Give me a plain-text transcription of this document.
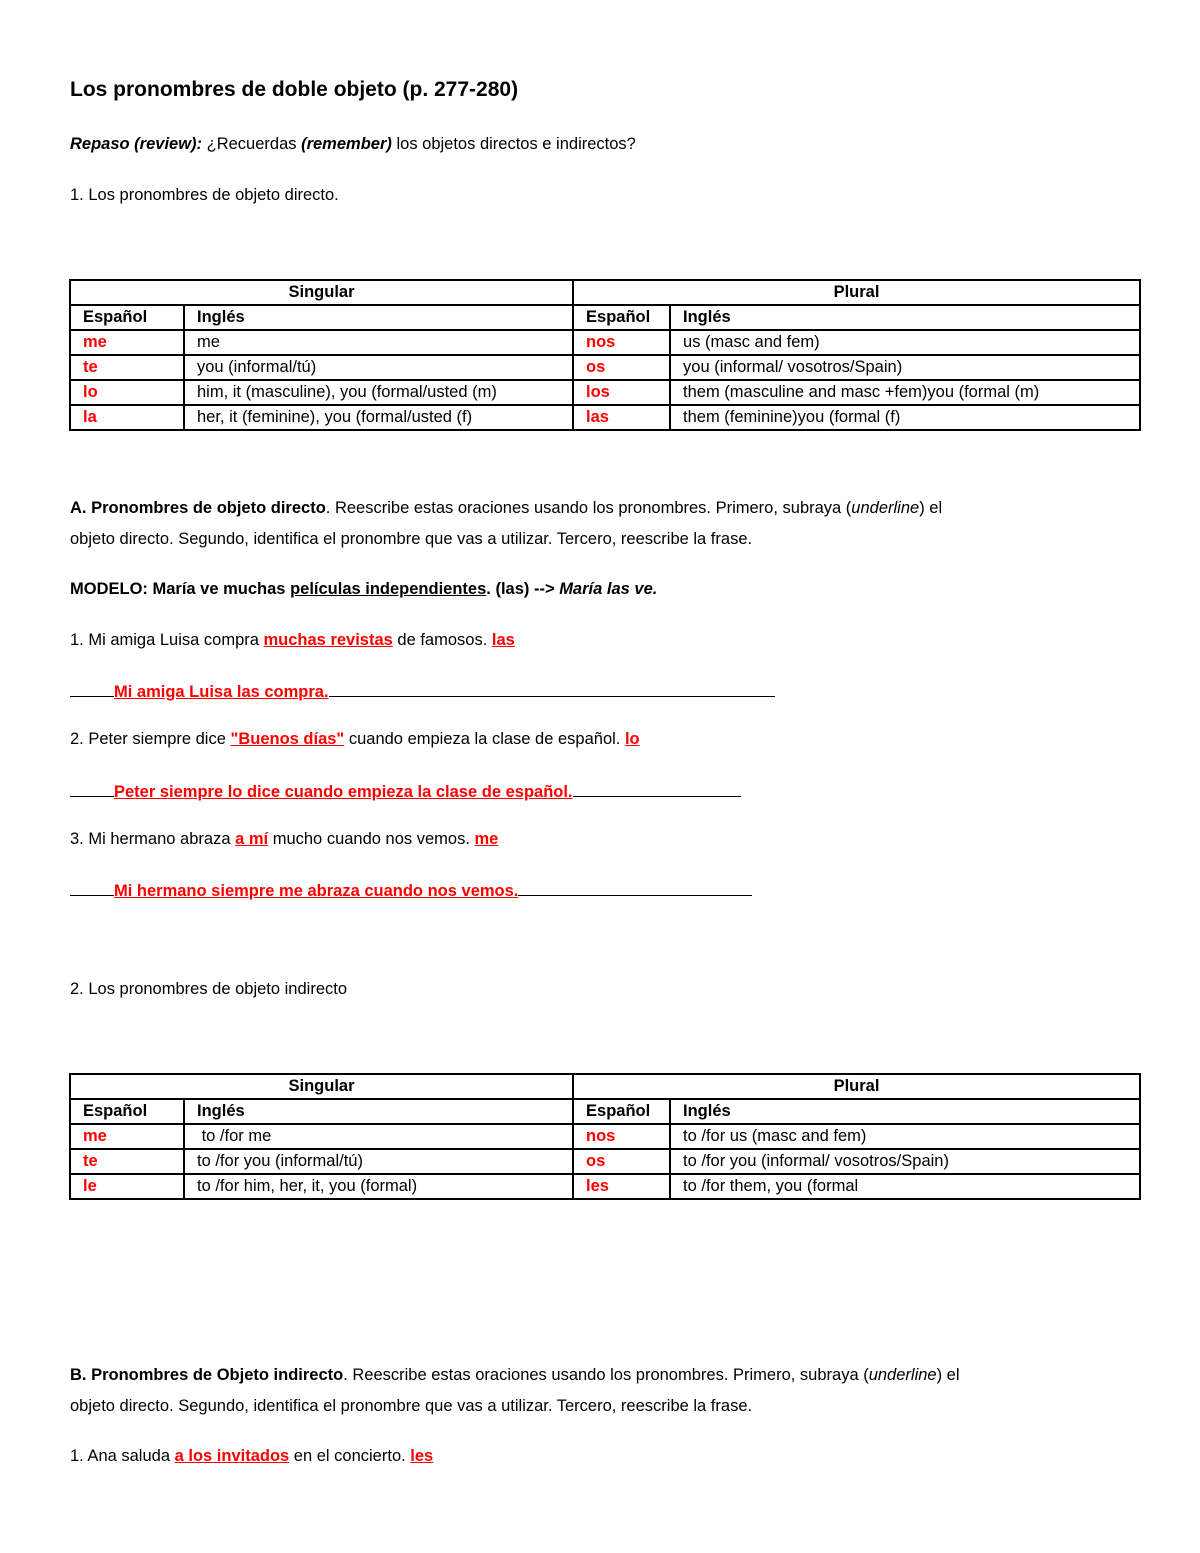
Los pronombres de doble objeto (p. 277-280)

Repaso (review): ¿Recuerdas (remember) los objetos directos e indirectos?

1. Los pronombres de objeto directo.

Singular		Plural	
Español	Inglés	Español	Inglés
me	me	nos	us (masc and fem)
te	you (informal/tú)	os	you (informal/ vosotros/Spain)
lo	him, it (masculine), you (formal/usted (m)	los	them (masculine and masc +fem)you (formal (m)
la	her, it (feminine), you (formal/usted (f)	las	them (feminine)you (formal (f)

A. Pronombres de objeto directo. Reescribe estas oraciones usando los pronombres. Primero, subraya (underline) el

objeto directo. Segundo, identifica el pronombre que vas a utilizar. Tercero, reescribe la frase.

MODELO: María ve muchas películas independientes. (las) --> María las ve.

1. Mi amiga Luisa compra muchas revistas de famosos. las

Mi amiga Luisa las compra.

2. Peter siempre dice "Buenos días" cuando empieza la clase de español. lo

Peter siempre lo dice cuando empieza la clase de español.

3. Mi hermano abraza a mí mucho cuando nos vemos. me

Mi hermano siempre me abraza cuando nos vemos.

2. Los pronombres de objeto indirecto

Singular		Plural	
Español	Inglés	Español	Inglés
me	to /for me	nos	to /for us (masc and fem)
te	to /for you (informal/tú)	os	to /for you (informal/ vosotros/Spain)
le	to /for him, her, it, you (formal)	les	to /for them, you (formal

B. Pronombres de Objeto indirecto. Reescribe estas oraciones usando los pronombres. Primero, subraya (underline) el

objeto directo. Segundo, identifica el pronombre que vas a utilizar. Tercero, reescribe la frase.

1. Ana saluda a los invitados en el concierto. les
